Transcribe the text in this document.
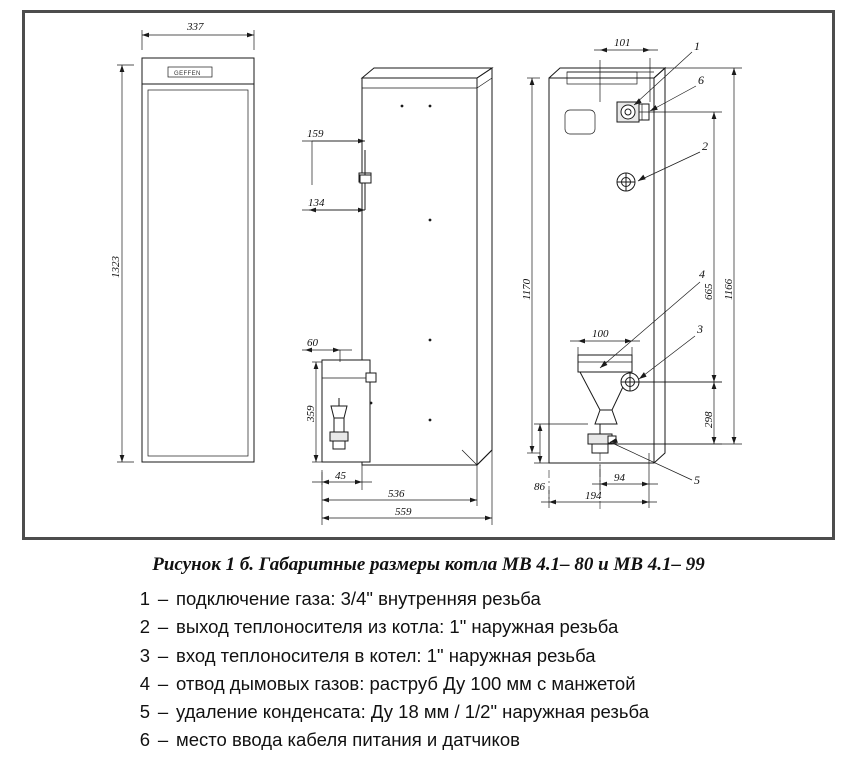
GEFFEN
337
1323
159
134
60
359
45
536
559
101
1170	665 1166
100
298
86
94
194
1
6
2
4
3
5
Рисунок 1 б. Габаритные размеры котла МВ 4.1– 80 и МВ 4.1– 99
1 – подключение газа: 3/4" внутренняя резьба
2 – выход теплоносителя из котла: 1" наружная резьба
3 – вход теплоносителя в котел: 1" наружная резьба
4 – отвод дымовых газов: раструб Ду 100 мм с манжетой
5 – удаление конденсата: Ду 18 мм / 1/2" наружная резьба
6 – место ввода кабеля питания и датчиков
